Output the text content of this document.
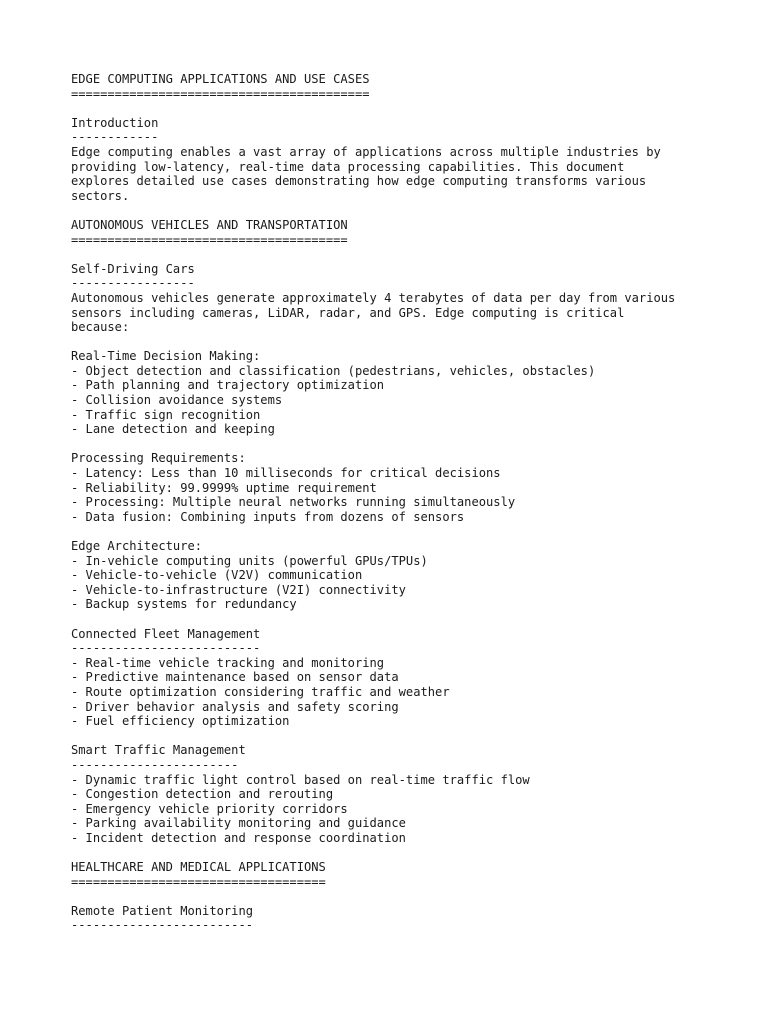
EDGE COMPUTING APPLICATIONS AND USE CASES
=========================================

Introduction
------------
Edge computing enables a vast array of applications across multiple industries by
providing low-latency, real-time data processing capabilities. This document
explores detailed use cases demonstrating how edge computing transforms various
sectors.

AUTONOMOUS VEHICLES AND TRANSPORTATION
======================================

Self-Driving Cars
-----------------
Autonomous vehicles generate approximately 4 terabytes of data per day from various
sensors including cameras, LiDAR, radar, and GPS. Edge computing is critical
because:

Real-Time Decision Making:
- Object detection and classification (pedestrians, vehicles, obstacles)
- Path planning and trajectory optimization
- Collision avoidance systems
- Traffic sign recognition
- Lane detection and keeping

Processing Requirements:
- Latency: Less than 10 milliseconds for critical decisions
- Reliability: 99.9999% uptime requirement
- Processing: Multiple neural networks running simultaneously
- Data fusion: Combining inputs from dozens of sensors

Edge Architecture:
- In-vehicle computing units (powerful GPUs/TPUs)
- Vehicle-to-vehicle (V2V) communication
- Vehicle-to-infrastructure (V2I) connectivity
- Backup systems for redundancy

Connected Fleet Management
--------------------------
- Real-time vehicle tracking and monitoring
- Predictive maintenance based on sensor data
- Route optimization considering traffic and weather
- Driver behavior analysis and safety scoring
- Fuel efficiency optimization

Smart Traffic Management
-----------------------
- Dynamic traffic light control based on real-time traffic flow
- Congestion detection and rerouting
- Emergency vehicle priority corridors
- Parking availability monitoring and guidance
- Incident detection and response coordination

HEALTHCARE AND MEDICAL APPLICATIONS
===================================

Remote Patient Monitoring
-------------------------
